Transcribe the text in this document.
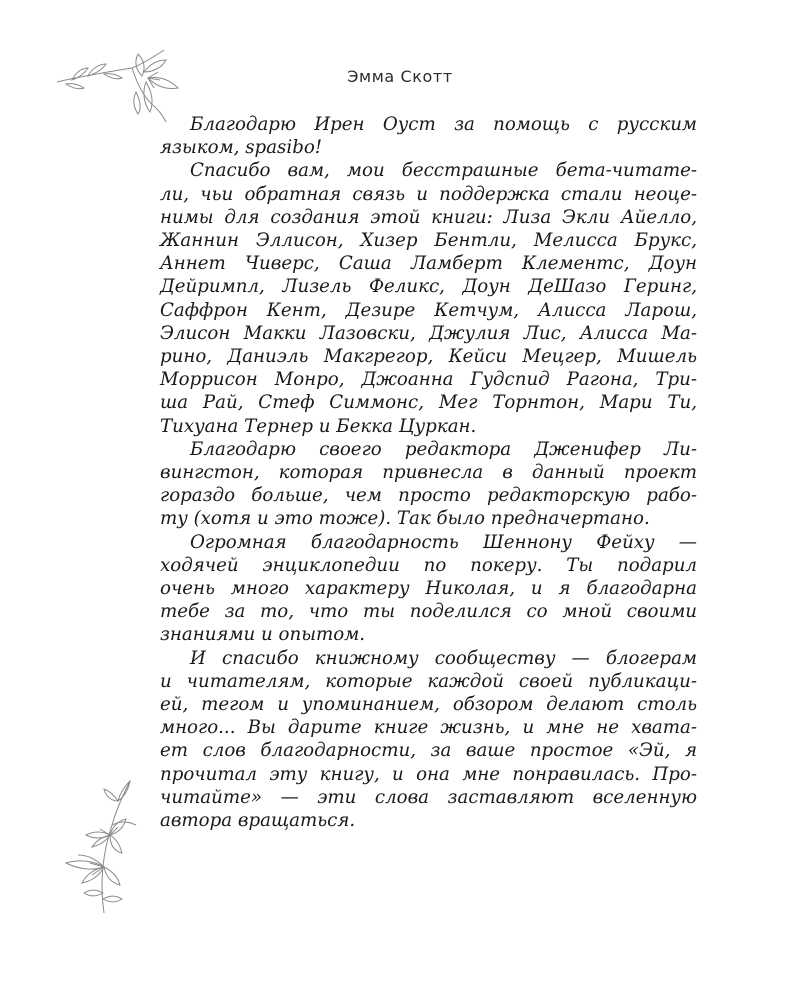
Эмма Скотт

Благодарю Ирен Оуст за помощь с русским
языком, spasibo!

Спасибо вам, мои бесстрашные бета-читате-
ли, чьи обратная связь и поддержка стали неоце-
нимы для создания этой книги: Лиза Экли Айелло,
Жаннин Эллисон, Хизер Бентли, Мелисса Брукс,
Аннет Чиверс, Саша Ламберт Клементс, Доун
Дейримпл, Лизель Феликс, Доун ДеШазо Геринг,
Саффрон Кент, Дезире Кетчум, Алисса Ларош,
Элисон Макки Лазовски, Джулия Лис, Алисса Ма-
рино, Даниэль Макгрегор, Кейси Мецгер, Мишель
Моррисон Монро, Джоанна Гудспид Рагона, Три-
ша Рай, Стеф Симмонс, Мег Торнтон, Мари Ти,
Тихуана Тернер и Бекка Цуркан.

Благодарю своего редактора Дженифер Ли-
вингстон, которая привнесла в данный проект
гораздо больше, чем просто редакторскую рабо-
ту (хотя и это тоже). Так было предначертано.

Огромная благодарность Шеннону Фейху —
ходячей энциклопедии по покеру. Ты подарил
очень много характеру Николая, и я благодарна
тебе за то, что ты поделился со мной своими
знаниями и опытом.

И спасибо книжному сообществу — блогерам
и читателям, которые каждой своей публикаци-
ей, тегом и упоминанием, обзором делают столь
много... Вы дарите книге жизнь, и мне не хвата-
ет слов благодарности, за ваше простое «Эй, я
прочитал эту книгу, и она мне понравилась. Про-
читайте» — эти слова заставляют вселенную
автора вращаться.
